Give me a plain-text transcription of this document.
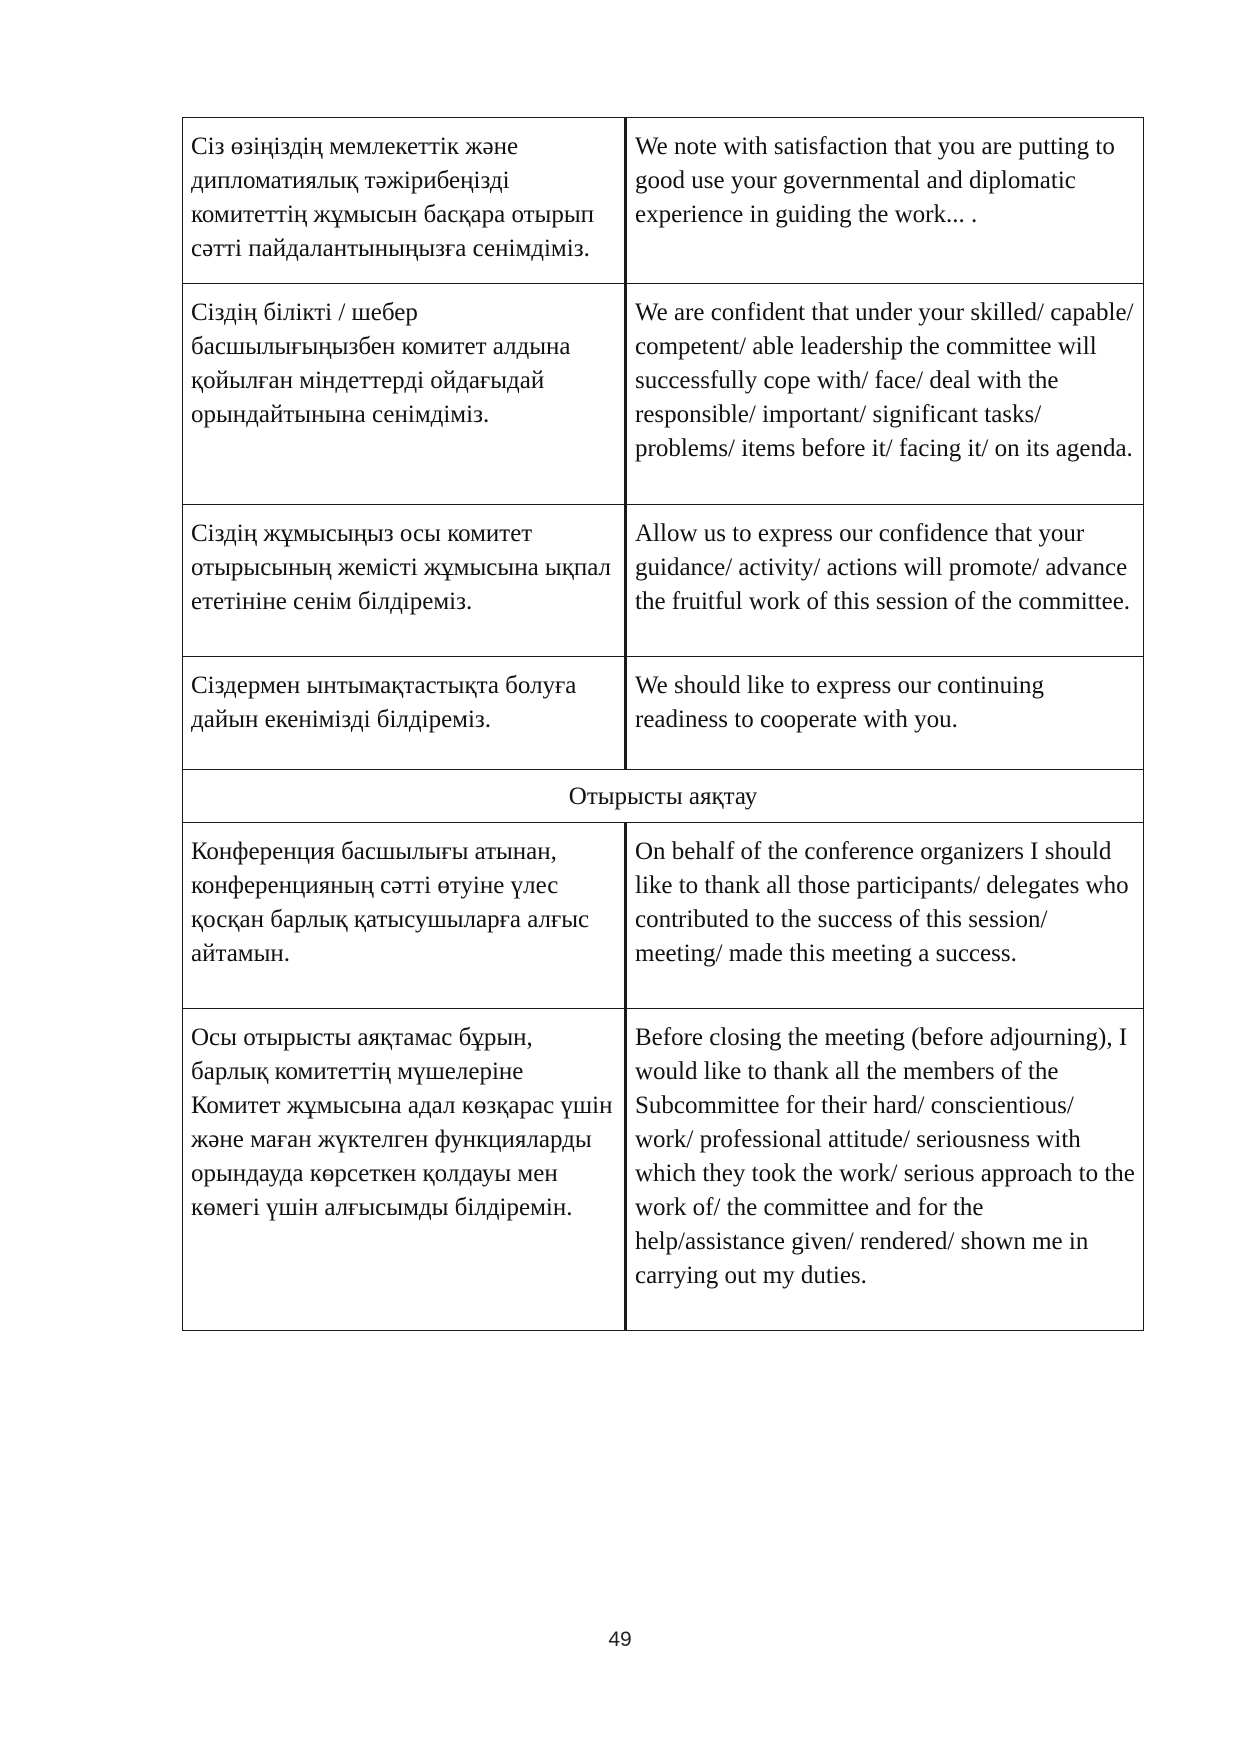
Сіз өзіңіздің мемлекеттік және дипломатиялық тәжірибеңізді комитеттің жұмысын басқара отырып сәтті пайдалантыныңызға сенімдіміз.	We note with satisfaction that you are putting to good use your governmental and diplomatic experience in guiding the work... .
Сіздің білікті / шебер басшылығыңызбен комитет алдына қойылған міндеттерді ойдағыдай орындайтынына сенімдіміз.	We are confident that under your skilled/ capable/ competent/ able leadership the committee will successfully cope with/ face/ deal with the responsible/ important/ significant tasks/ problems/ items before it/ facing it/ on its agenda.
Сіздің жұмысыңыз осы комитет отырысының жемісті жұмысына ықпал ететініне сенім білдіреміз.	Allow us to express our confidence that your guidance/ activity/ actions will promote/ advance the fruitful work of this session of the committee.
Сіздермен ынтымақтастықта болуға дайын екенімізді білдіреміз.	We should like to express our continuing readiness to cooperate with you.
Отырысты аяқтау	
Конференция басшылығы атынан, конференцияның сәтті өтуіне үлес қосқан барлық қатысушыларға алғыс айтамын.	On behalf of the conference organizers I should like to thank all those participants/ delegates who contributed to the success of this session/ meeting/ made this meeting a success.
Осы отырысты аяқтамас бұрын, барлық комитеттің мүшелеріне Комитет жұмысына адал көзқарас үшін және маған жүктелген функцияларды орындауда көрсеткен қолдауы мен көмегі үшін алғысымды білдіремін.	Before closing the meeting (before adjourning), I would like to thank all the members of the Subcommittee for their hard/ conscientious/ work/ professional attitude/ seriousness with which they took the work/ serious approach to the work of/ the committee and for the help/assistance given/ rendered/ shown me in carrying out my duties.
49
